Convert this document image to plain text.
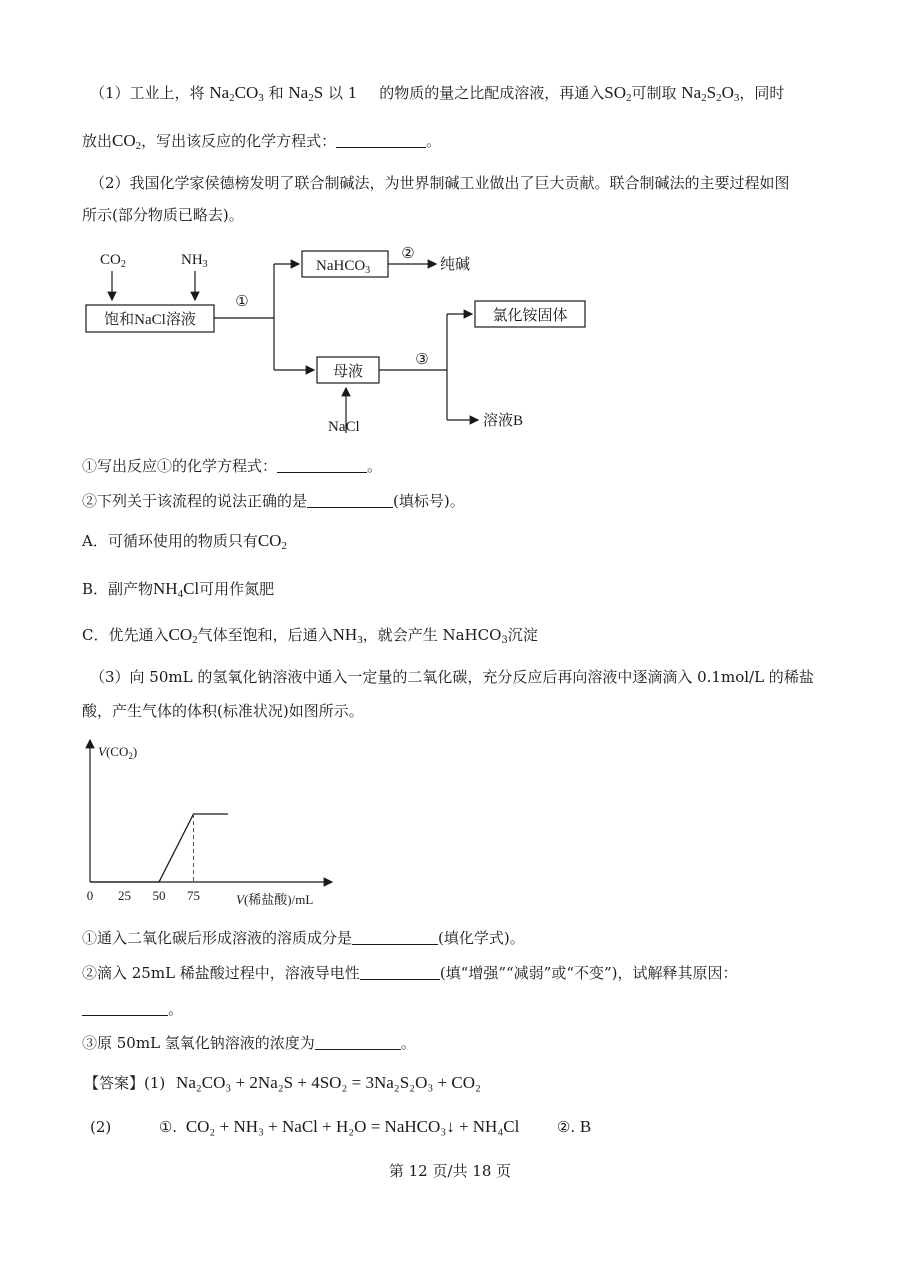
（1）工业上，将 $Na_2CO_3$ 和 $Na_2S$ 以 1 的物质的量之比配成溶液，再通入$SO_2$可制取 $Na_2S_2O_3$，同时
放出$CO_2$，写出该反应的化学方程式：	。
（2）我国化学家侯德榜发明了联合制碱法，为世界制碱工业做出了巨大贡献。联合制碱法的主要过程如图
所示(部分物质已略去)。
$CO_2$	$NH_3$
饱和NaCl溶液
①
NaHCO$_3$
②
纯碱
母液
③
氯化铵固体
溶液B
NaCl
①写出反应①的化学方程式：	。
②下列关于该流程的说法正确的是	(填标号)。
A．可循环使用的物质只有$CO_2$
B．副产物$NH_4Cl$可用作氮肥
C．优先通入$CO_2$气体至饱和，后通入$NH_3$，就会产生 NaHCO$_3$沉淀
（3）向 50mL 的氢氧化钠溶液中通入一定量的二氧化碳，充分反应后再向溶液中逐滴滴入 0.1mol/L 的稀盐
酸，产生气体的体积(标准状况)如图所示。
$V(CO_2)$
V(稀盐酸)/mL
0 25 50 75
①通入二氧化碳后形成溶液的溶质成分是	(填化学式)。
②滴入 25mL 稀盐酸过程中，溶液导电性	(填“增强”“减弱”或“不变”)，试解释其原因：
。
③原 50mL 氢氧化钠溶液的浓度为	。
【答案】(1) Na₂CO₃ + 2Na₂S + 4SO₂ = 3Na₂S₂O₃ + CO₂
(2)	①. CO₂ + NH₃ + NaCl + H₂O = NaHCO₃↓ + NH₄Cl	②. B
第 12 页/共 18 页
